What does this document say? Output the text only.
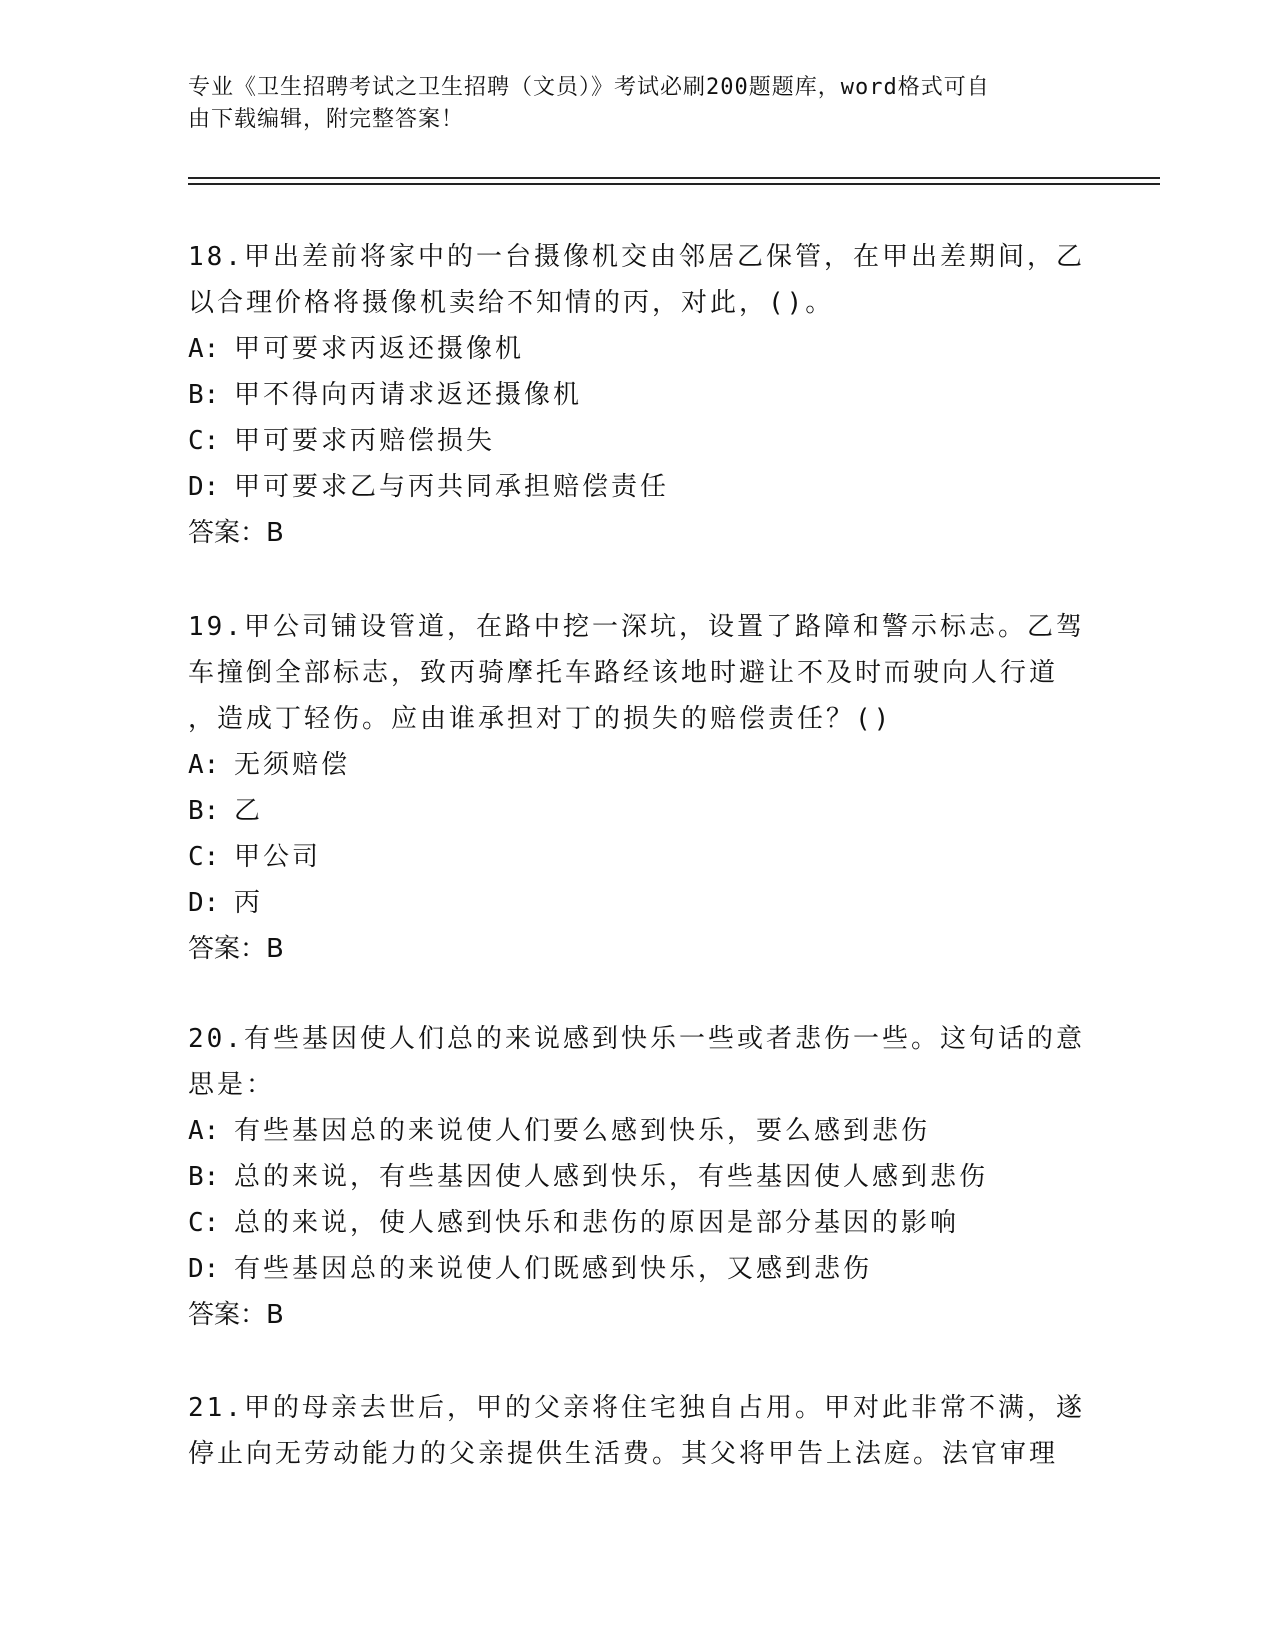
专业《卫生招聘考试之卫生招聘（文员）》考试必刷200题题库，word格式可自
由下载编辑，附完整答案！

18.甲出差前将家中的一台摄像机交由邻居乙保管，在甲出差期间，乙

以合理价格将摄像机卖给不知情的丙，对此，()。

A: 甲可要求丙返还摄像机

B: 甲不得向丙请求返还摄像机

C: 甲可要求丙赔偿损失

D: 甲可要求乙与丙共同承担赔偿责任

答案：B

19.甲公司铺设管道，在路中挖一深坑，设置了路障和警示标志。乙驾

车撞倒全部标志，致丙骑摩托车路经该地时避让不及时而驶向人行道

，造成丁轻伤。应由谁承担对丁的损失的赔偿责任？()

A: 无须赔偿

B: 乙

C: 甲公司

D: 丙

答案：B

20.有些基因使人们总的来说感到快乐一些或者悲伤一些。这句话的意

思是：

A: 有些基因总的来说使人们要么感到快乐，要么感到悲伤

B: 总的来说，有些基因使人感到快乐，有些基因使人感到悲伤

C: 总的来说，使人感到快乐和悲伤的原因是部分基因的影响

D: 有些基因总的来说使人们既感到快乐，又感到悲伤

答案：B

21.甲的母亲去世后，甲的父亲将住宅独自占用。甲对此非常不满，遂

停止向无劳动能力的父亲提供生活费。其父将甲告上法庭。法官审理
